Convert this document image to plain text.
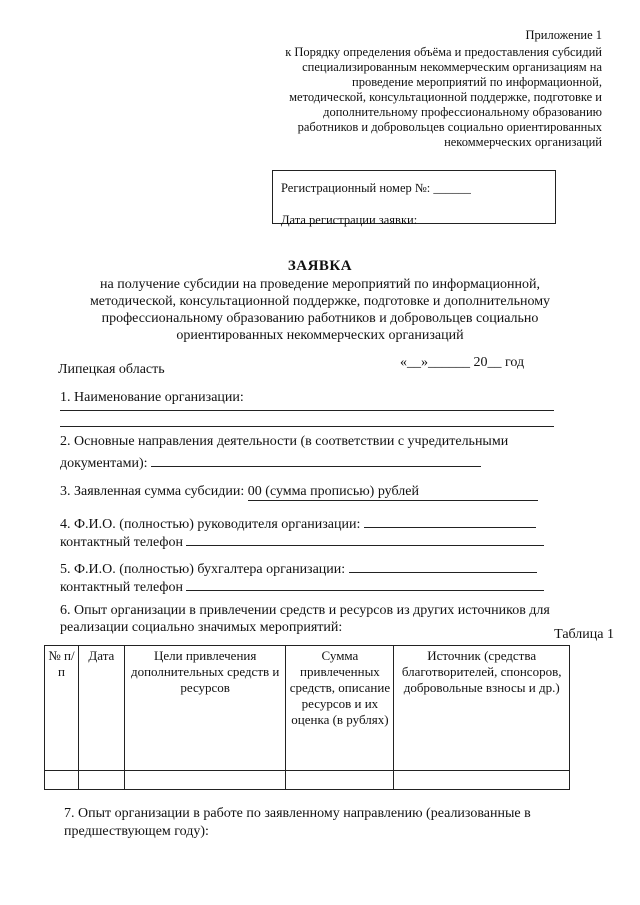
Приложение 1
к Порядку определения объёма и предоставления субсидий
специализированным некоммерческим организациям на
проведение мероприятий по информационной,
методической, консультационной поддержке, подготовке и
дополнительному профессиональному образованию
работников и добровольцев социально ориентированных
некоммерческих организаций
Регистрационный номер №: ______
Дата регистрации заявки:
ЗАЯВКА
на получение субсидии на проведение мероприятий по информационной,
методической, консультационной поддержке, подготовке и дополнительному
профессиональному образованию работников и добровольцев социально
ориентированных некоммерческих организаций
Липецкая область	«__»______ 20__ год
1. Наименование организации:
2. Основные направления деятельности (в соответствии с учредительными
документами):
3. Заявленная сумма субсидии: 00 (сумма прописью) рублей
4. Ф.И.О. (полностью) руководителя организации:
контактный телефон
5. Ф.И.О. (полностью) бухгалтера организации:
контактный телефон
6. Опыт организации в привлечении средств и ресурсов из других источников для
реализации социально значимых мероприятий:	Таблица 1
№ п/п	Дата	Цели привлечения дополнительных средств и ресурсов	Сумма привлеченных средств, описание ресурсов и их оценка (в рублях)	Источник (средства благотворителей, спонсоров, добровольные взносы и др.)

7. Опыт организации в работе по заявленному направлению (реализованные в
предшествующем году):
